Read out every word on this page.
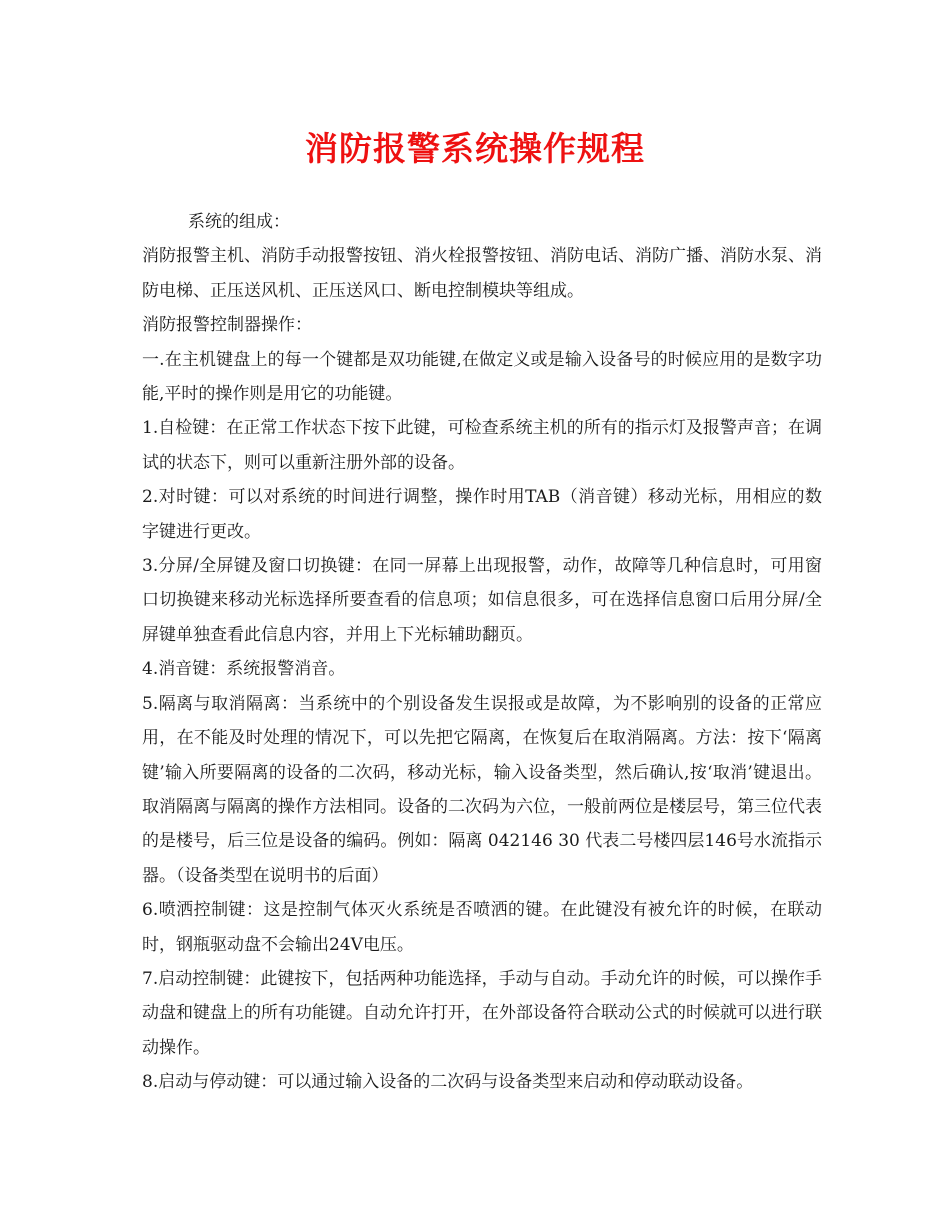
消防报警系统操作规程

系统的组成：

消防报警主机、消防手动报警按钮、消火栓报警按钮、消防电话、消防广播、消防水泵、消防电梯、正压送风机、正压送风口、断电控制模块等组成。

消防报警控制器操作：

一.在主机键盘上的每一个键都是双功能键,在做定义或是输入设备号的时候应用的是数字功能,平时的操作则是用它的功能键。

1.自检键：在正常工作状态下按下此键，可检查系统主机的所有的指示灯及报警声音；在调试的状态下，则可以重新注册外部的设备。

2.对时键：可以对系统的时间进行调整，操作时用TAB（消音键）移动光标，用相应的数字键进行更改。

3.分屏/全屏键及窗口切换键：在同一屏幕上出现报警，动作，故障等几种信息时，可用窗口切换键来移动光标选择所要查看的信息项；如信息很多，可在选择信息窗口后用分屏/全屏键单独查看此信息内容，并用上下光标辅助翻页。

4.消音键：系统报警消音。

5.隔离与取消隔离：当系统中的个别设备发生误报或是故障，为不影响别的设备的正常应用，在不能及时处理的情况下，可以先把它隔离，在恢复后在取消隔离。方法：按下‘隔离键’输入所要隔离的设备的二次码，移动光标，输入设备类型，然后确认,按‘取消’键退出。取消隔离与隔离的操作方法相同。设备的二次码为六位，一般前两位是楼层号，第三位代表的是楼号，后三位是设备的编码。例如：隔离 042146 30 代表二号楼四层146号水流指示器。（设备类型在说明书的后面）

6.喷洒控制键：这是控制气体灭火系统是否喷洒的键。在此键没有被允许的时候，在联动时，钢瓶驱动盘不会输出24V电压。

7.启动控制键：此键按下，包括两种功能选择，手动与自动。手动允许的时候，可以操作手动盘和键盘上的所有功能键。自动允许打开，在外部设备符合联动公式的时候就可以进行联动操作。

8.启动与停动键：可以通过输入设备的二次码与设备类型来启动和停动联动设备。
